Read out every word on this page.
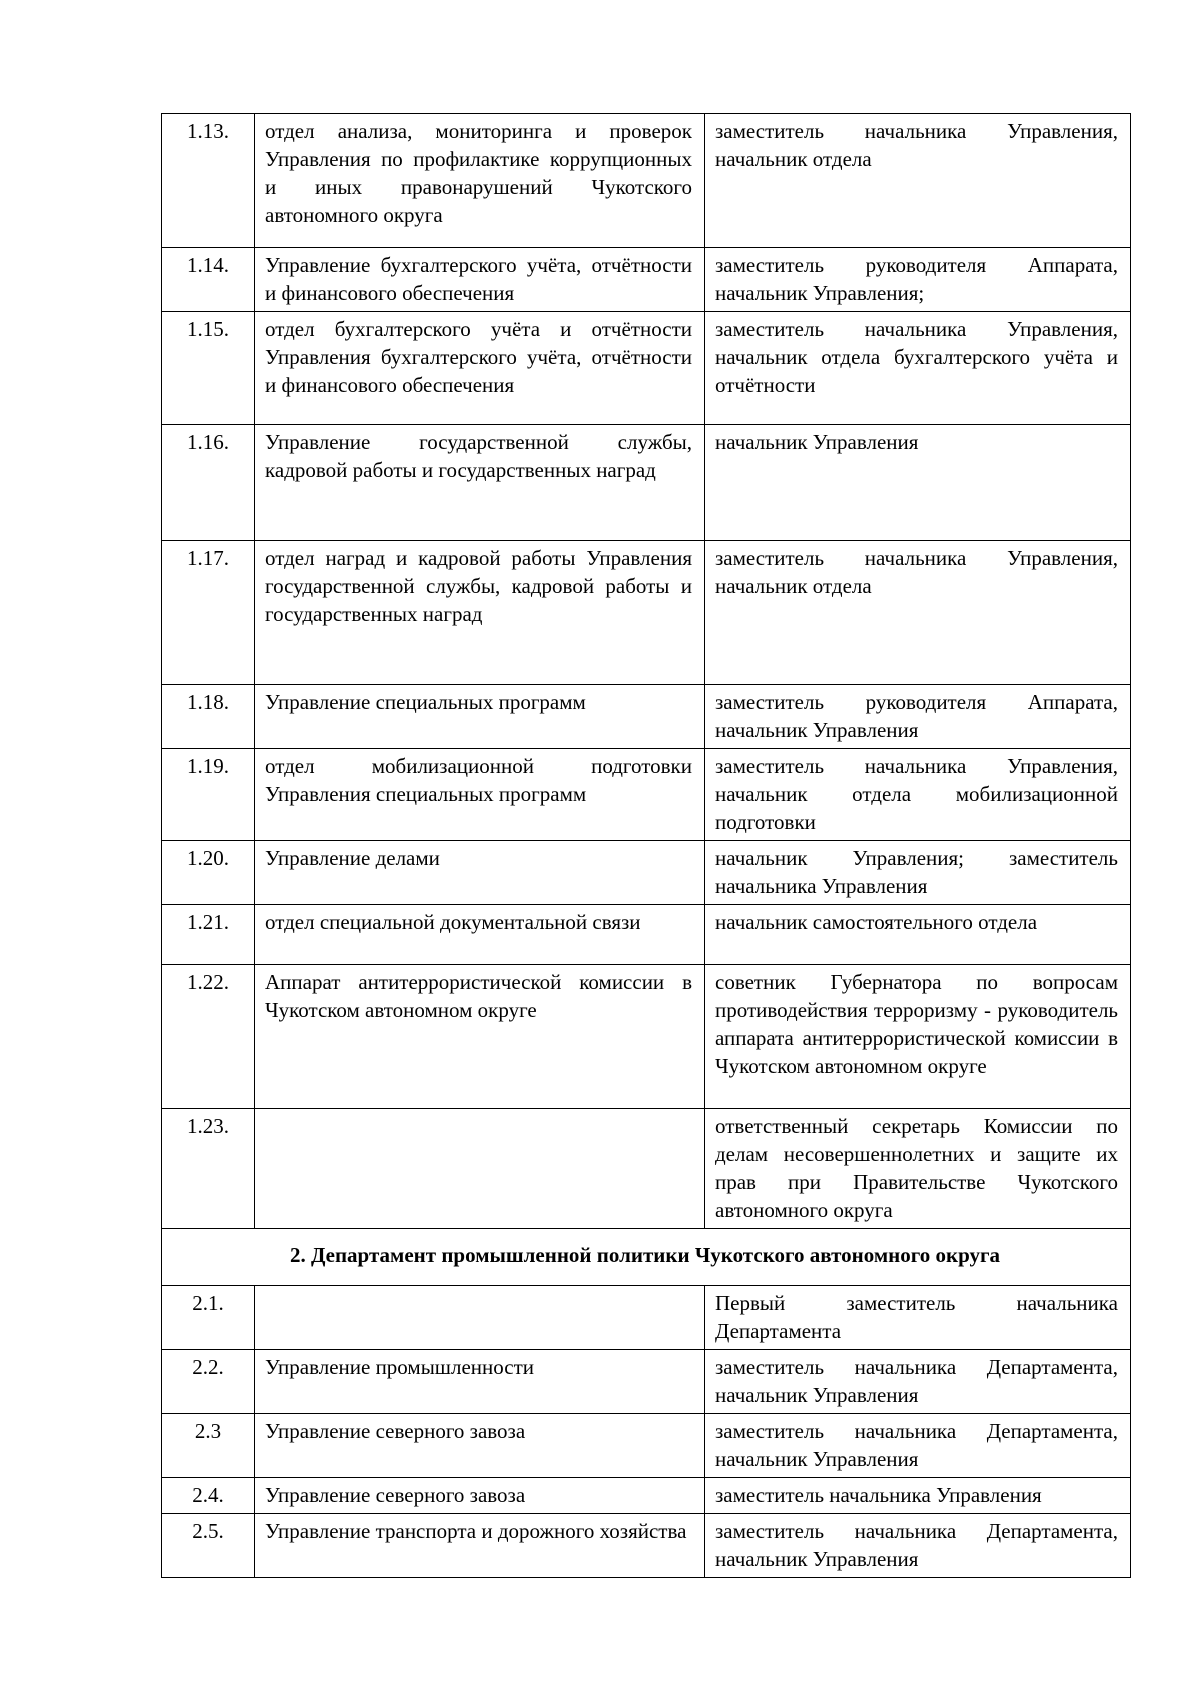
1.13.	отдел анализа, мониторинга и проверок Управления по профилактике коррупционных и иных правонарушений Чукотского автономного округа	заместитель начальника Управления, начальник отдела
1.14.	Управление бухгалтерского учёта, отчётности и финансового обеспечения	заместитель руководителя Аппарата, начальник Управления;
1.15.	отдел бухгалтерского учёта и отчётности Управления бухгалтерского учёта, отчётности и финансового обеспечения	заместитель начальника Управления, начальник отдела бухгалтерского учёта и отчётности
1.16.	Управление государственной службы, кадровой работы и государственных наград	начальник Управления
1.17.	отдел наград и кадровой работы Управления государственной службы, кадровой работы и государственных наград	заместитель начальника Управления, начальник отдела
1.18.	Управление специальных программ	заместитель руководителя Аппарата, начальник Управления
1.19.	отдел мобилизационной подготовки Управления специальных программ	заместитель начальника Управления, начальник отдела мобилизационной подготовки
1.20.	Управление делами	начальник Управления; заместитель начальника Управления
1.21.	отдел специальной документальной связи	начальник самостоятельного отдела
1.22.	Аппарат антитеррористической комиссии в Чукотском автономном округе	советник Губернатора по вопросам противодействия терроризму - руководитель аппарата антитеррористической комиссии в Чукотском автономном округе
1.23.		ответственный секретарь Комиссии по делам несовершеннолетних и защите их прав при Правительстве Чукотского автономного округа
2. Департамент промышленной политики Чукотского автономного округа		
2.1.		Первый заместитель начальника Департамента
2.2.	Управление промышленности	заместитель начальника Департамента, начальник Управления
2.3	Управление северного завоза	заместитель начальника Департамента, начальник Управления
2.4.	Управление северного завоза	заместитель начальника Управления
2.5.	Управление транспорта и дорожного хозяйства	заместитель начальника Департамента, начальник Управления
